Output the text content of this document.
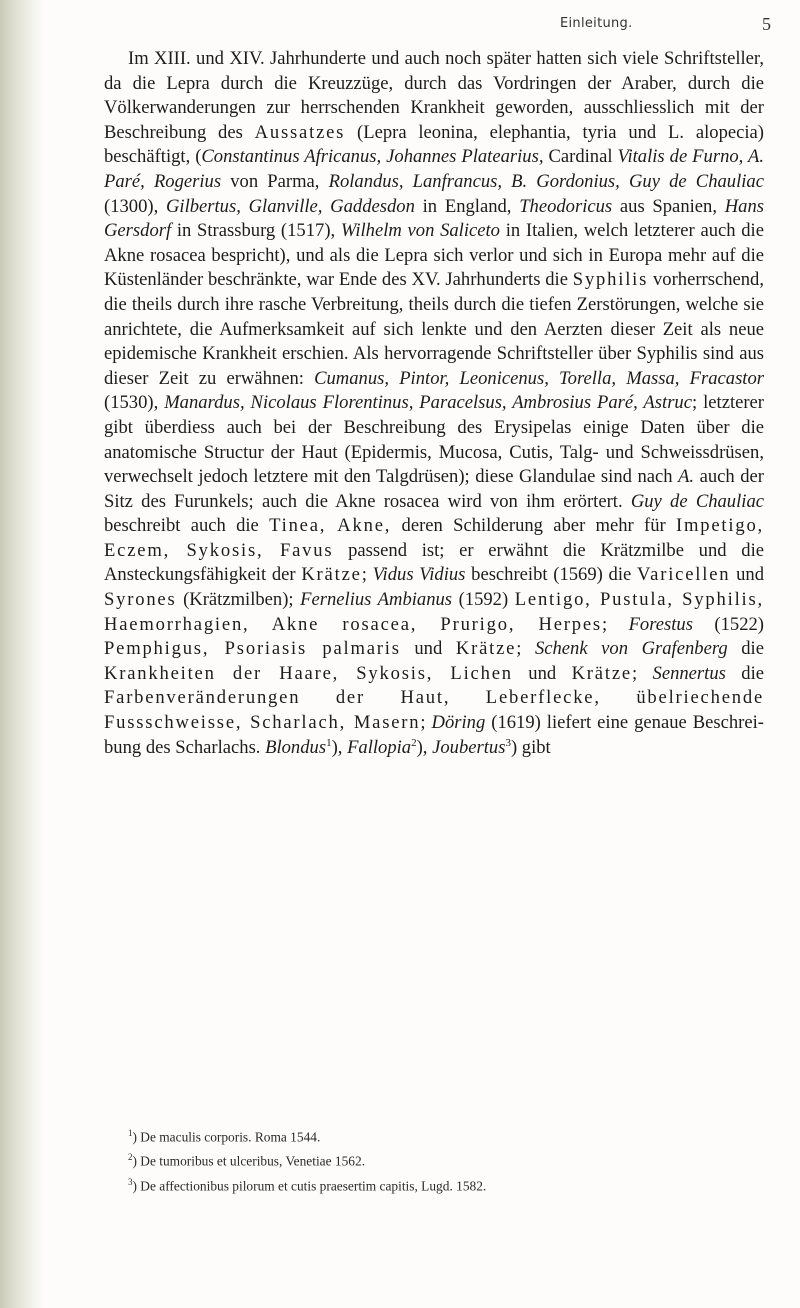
Einleitung.	5

Im XIII. und XIV. Jahrhunderte und auch noch später hatten sich viele Schriftsteller, da die Lepra durch die Kreuzzüge, durch das Vordringen der Araber, durch die Völkerwanderungen zur herrschenden Krankheit geworden, ausschliesslich mit der Beschreibung des Aussatzes (Lepra leonina, elephantia, tyria und L. alopecia) beschäftigt, (Constantinus Africanus, Johannes Platearius, Cardinal Vitalis de Furno, A. Paré, Rogerius von Parma, Rolandus, Lanfrancus, B. Gordonius, Guy de Chauliac (1300), Gilbertus, Glanville, Gaddesdon in England, Theodoricus aus Spanien, Hans Gersdorf in Strassburg (1517), Wilhelm von Saliceto in Italien, welch letzterer auch die Akne rosacea bespricht), und als die Lepra sich verlor und sich in Europa mehr auf die Küstenländer beschränkte, war Ende des XV. Jahrhunderts die Syphilis vorherrschend, die theils durch ihre rasche Verbreitung, theils durch die tiefen Zerstörungen, welche sie anrichtete, die Aufmerksamkeit auf sich lenkte und den Aerzten dieser Zeit als neue epidemische Krankheit erschien. Als hervorragende Schriftsteller über Syphilis sind aus dieser Zeit zu erwähnen: Cumanus, Pintor, Leonicenus, Torella, Massa, Fracastor (1530), Manardus, Nicolaus Florentinus, Paracelsus, Ambrosius Paré, Astruc; letzterer gibt überdiess auch bei der Beschreibung des Erysipelas einige Daten über die anatomische Structur der Haut (Epidermis, Mucosa, Cutis, Talg- und Schweissdrüsen, verwechselt jedoch letztere mit den Talgdrüsen); diese Glandulae sind nach A. auch der Sitz des Furunkels; auch die Akne rosacea wird von ihm erörtert. Guy de Chauliac beschreibt auch die Tinea, Akne, deren Schilderung aber mehr für Impetigo, Eczem, Sykosis, Favus passend ist; er erwähnt die Krätzmilbe und die Ansteckungsfähigkeit der Krätze; Vidus Vidius beschreibt (1569) die Varicellen und Syrones (Krätzmilben); Fernelius Ambianus (1592) Lentigo, Pustula, Syphilis, Haemorrhagien, Akne rosacea, Prurigo, Herpes; Forestus (1522) Pemphigus, Psoriasis palmaris und Krätze; Schenk von Grafenberg die Krankheiten der Haare, Sykosis, Lichen und Krätze; Sennertus die Farbenveränderungen der Haut, Leberflecke, übelriechende Fussschweisse, Scharlach, Masern; Döring (1619) liefert eine genaue Beschreibung des Scharlachs. Blondus$^1$), Fallopia$^2$), Joubertus$^3$) gibt

$^1$) De maculis corporis. Roma 1544.
$^2$) De tumoribus et ulceribus, Venetiae 1562.
$^3$) De affectionibus pilorum et cutis praesertim capitis, Lugd. 1582.
